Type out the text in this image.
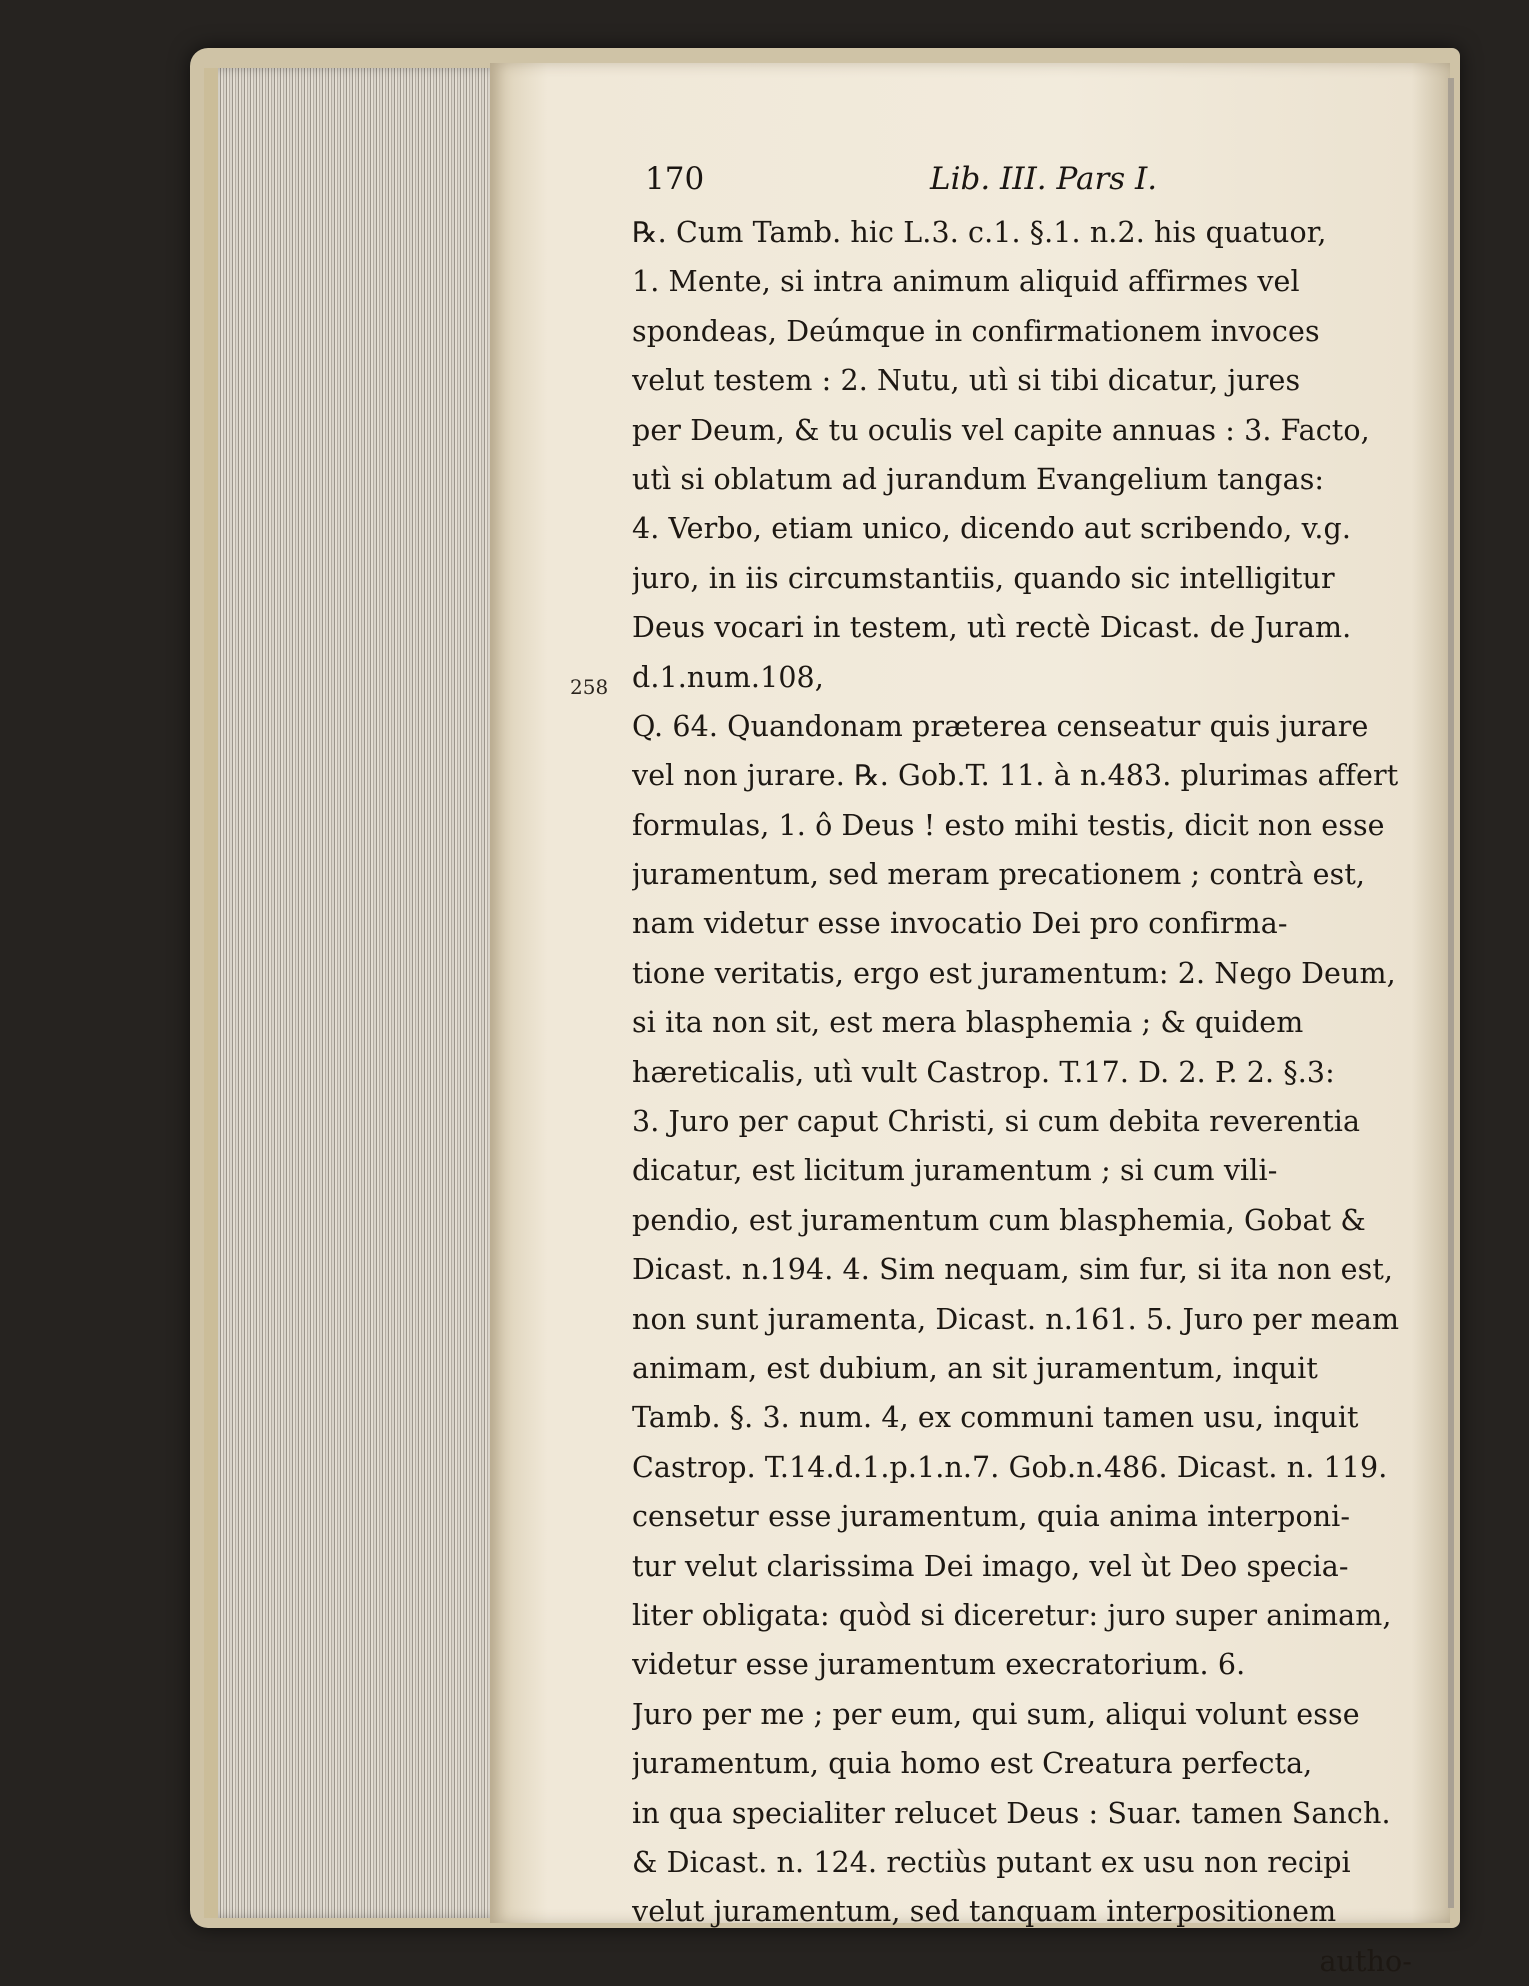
170	Lib. III. Pars I.
258
℞. Cum Tamb. hic L.3. c.1. §.1. n.2. his quatuor,
1. Mente, si intra animum aliquid affirmes vel
spondeas, Deúmque in confirmationem invoces
velut testem : 2. Nutu, utì si tibi dicatur, jures
per Deum, & tu oculis vel capite annuas : 3. Facto,
utì si oblatum ad jurandum Evangelium tangas:
4. Verbo, etiam unico, dicendo aut scribendo, v.g.
juro, in iis circumstantiis, quando sic intelligitur
Deus vocari in testem, utì rectè Dicast. de Juram.
d.1.num.108,
Q. 64. Quandonam præterea censeatur quis jurare
vel non jurare. ℞. Gob.T. 11. à n.483. plurimas affert
formulas, 1. ô Deus ! esto mihi testis, dicit non esse
juramentum, sed meram precationem ; contrà est,
nam videtur esse invocatio Dei pro confirma-
tione veritatis, ergo est juramentum: 2. Nego Deum,
si ita non sit, est mera blasphemia ; & quidem
hæreticalis, utì vult Castrop. T.17. D. 2. P. 2. §.3:
3. Juro per caput Christi, si cum debita reverentia
dicatur, est licitum juramentum ; si cum vili-
pendio, est juramentum cum blasphemia, Gobat &
Dicast. n.194. 4. Sim nequam, sim fur, si ita non est,
non sunt juramenta, Dicast. n.161. 5. Juro per meam
animam, est dubium, an sit juramentum, inquit
Tamb. §. 3. num. 4, ex communi tamen usu, inquit
Castrop. T.14.d.1.p.1.n.7. Gob.n.486. Dicast. n. 119.
censetur esse juramentum, quia anima interponi-
tur velut clarissima Dei imago, vel ùt Deo specia-
liter obligata: quòd si diceretur: juro super animam,
videtur esse juramentum execratorium. 6.
Juro per me ; per eum, qui sum, aliqui volunt esse
juramentum, quia homo est Creatura perfecta,
in qua specialiter relucet Deus : Suar. tamen Sanch.
& Dicast. n. 124. rectiùs putant ex usu non recipi
velut juramentum, sed tanquam interpositionem
autho-
